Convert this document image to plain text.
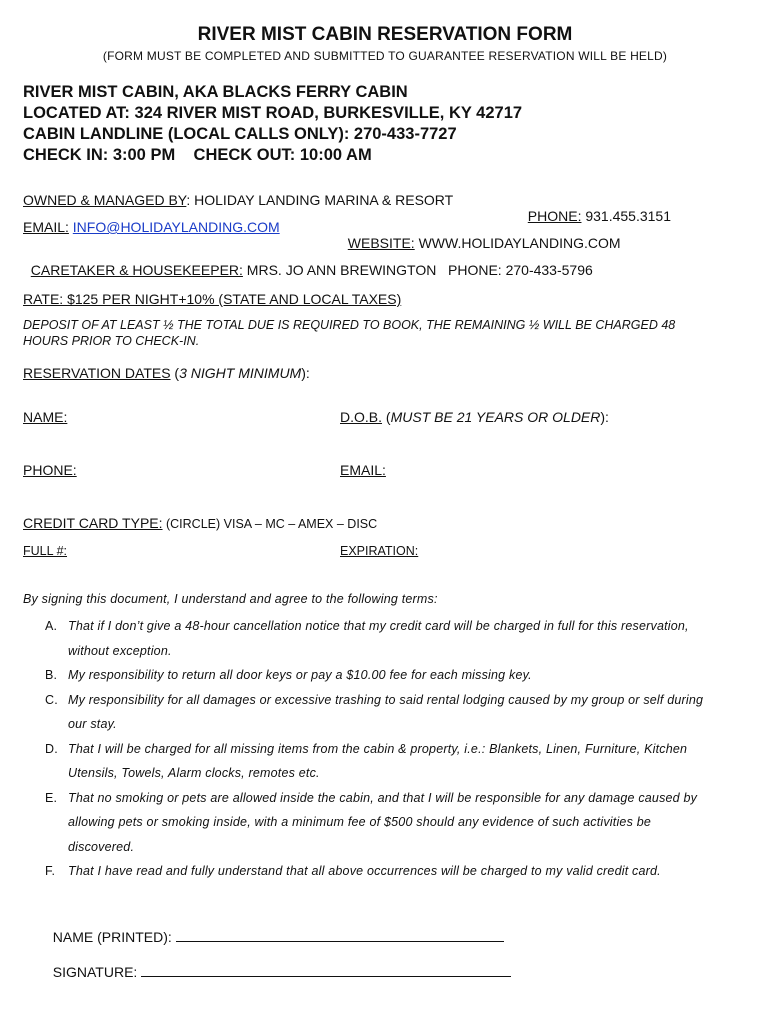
RIVER MIST CABIN RESERVATION FORM
(FORM MUST BE COMPLETED AND SUBMITTED TO GUARANTEE RESERVATION WILL BE HELD)
RIVER MIST CABIN, AKA BLACKS FERRY CABIN
LOCATED AT: 324 RIVER MIST ROAD, BURKESVILLE, KY 42717
CABIN LANDLINE (LOCAL CALLS ONLY): 270-433-7727
CHECK IN: 3:00 PM    CHECK OUT: 10:00 AM
OWNED & MANAGED BY: HOLIDAY LANDING MARINA & RESORT

PHONE: 931.455.3151

EMAIL: INFO@HOLIDAYLANDING.COM

WEBSITE: WWW.HOLIDAYLANDING.COM

CARETAKER & HOUSEKEEPER: MRS. JO ANN BREWINGTON   PHONE: 270-433-5796

RATE: $125 PER NIGHT+10% (STATE AND LOCAL TAXES)
DEPOSIT OF AT LEAST ½ THE TOTAL DUE IS REQUIRED TO BOOK, THE REMAINING ½ WILL BE CHARGED 48
HOURS PRIOR TO CHECK-IN.
RESERVATION DATES (3 NIGHT MINIMUM):
NAME:	D.O.B. (MUST BE 21 YEARS OR OLDER):
PHONE:	EMAIL:
CREDIT CARD TYPE: (CIRCLE) VISA – MC – AMEX – DISC
FULL #:	EXPIRATION:
By signing this document, I understand and agree to the following terms:
A. That if I don’t give a 48-hour cancellation notice that my credit card will be charged in full for this reservation,
without exception.
B. My responsibility to return all door keys or pay a $10.00 fee for each missing key.
C. My responsibility for all damages or excessive trashing to said rental lodging caused by my group or self during
our stay.
D. That I will be charged for all missing items from the cabin & property, i.e.: Blankets, Linen, Furniture, Kitchen
Utensils, Towels, Alarm clocks, remotes etc.
E. That no smoking or pets are allowed inside the cabin, and that I will be responsible for any damage caused by
allowing pets or smoking inside, with a minimum fee of $500 should any evidence of such activities be
discovered.
F. That I have read and fully understand that all above occurrences will be charged to my valid credit card.

NAME (PRINTED):

SIGNATURE:
